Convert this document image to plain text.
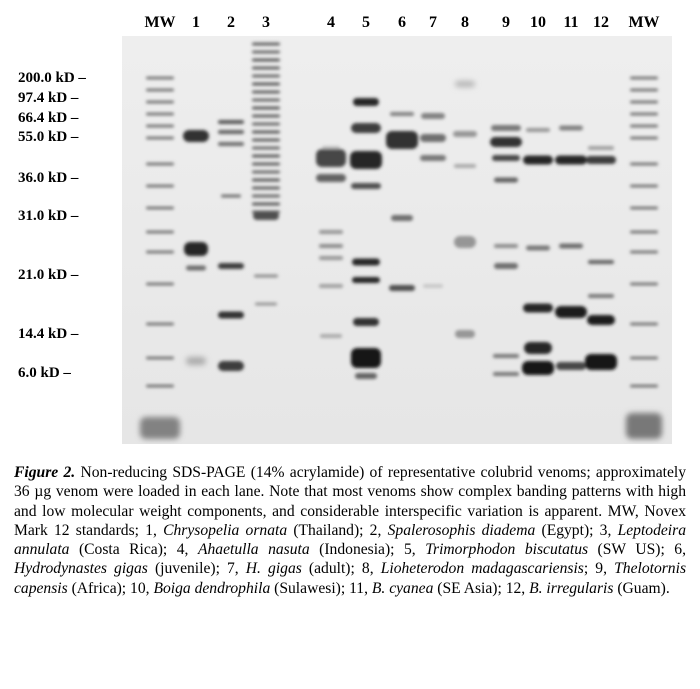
MW 1 2 3	4 5 6 7 8 9 10 11 12 MW
200.0 kD –
97.4 kD –
66.4 kD –
55.0 kD –
36.0 kD –
31.0 kD –
21.0 kD –
14.4 kD –
6.0 kD –
Figure 2. Non-reducing SDS-PAGE (14% acrylamide) of representative colubrid venoms; approximately 36 µg venom were loaded in each lane. Note that most venoms show complex banding patterns with high and low molecular weight components, and considerable interspecific variation is apparent. MW, Novex Mark 12 standards; 1, Chrysopelia ornata (Thailand); 2, Spalerosophis diadema (Egypt); 3, Leptodeira annulata (Costa Rica); 4, Ahaetulla nasuta (Indonesia); 5, Trimorphodon biscutatus (SW US); 6, Hydrodynastes gigas (juvenile); 7, H. gigas (adult); 8, Lioheterodon madagascariensis; 9, Thelotornis capensis (Africa); 10, Boiga dendrophila (Sulawesi); 11, B. cyanea (SE Asia); 12, B. irregularis (Guam).
